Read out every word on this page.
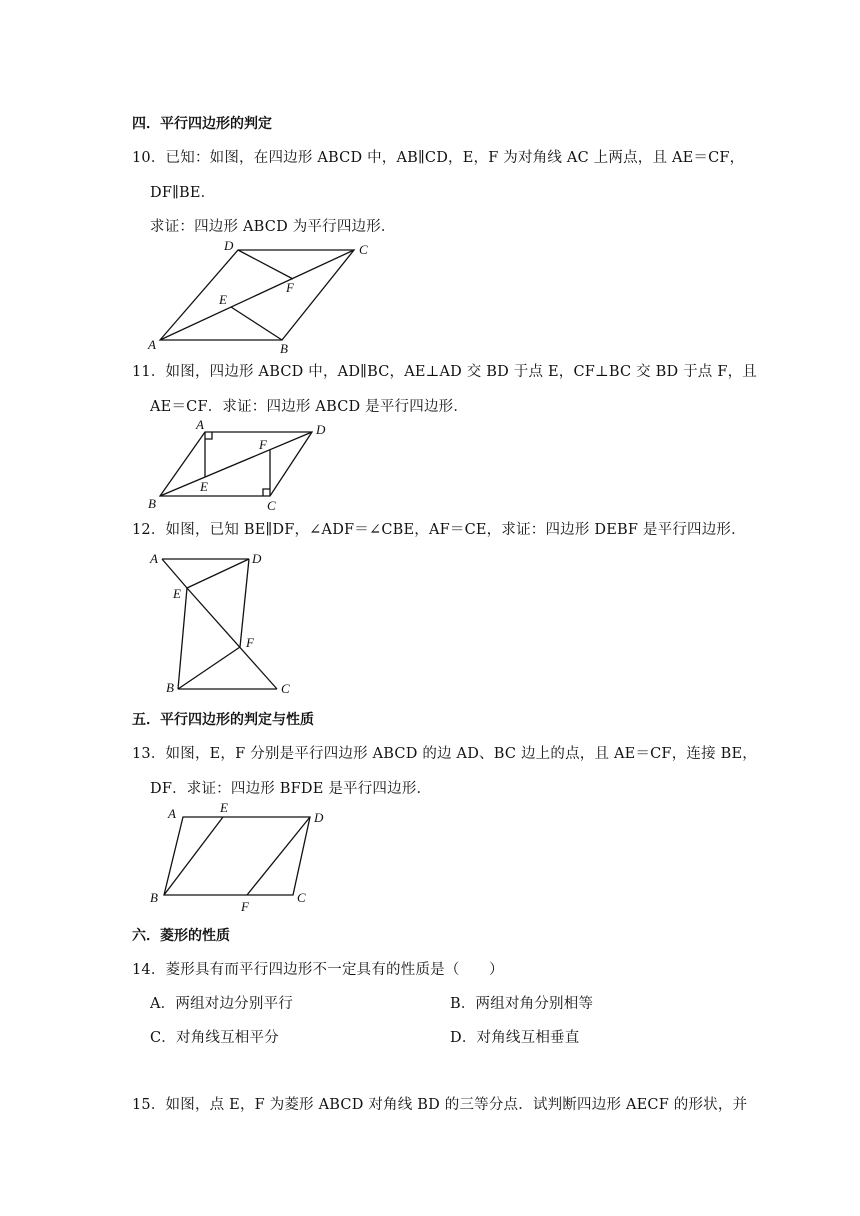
四．平行四边形的判定
10．已知：如图，在四边形 ABCD 中，AB∥CD，E，F 为对角线 AC 上两点，且 AE＝CF，
DF∥BE．
求证：四边形 ABCD 为平行四边形．
A	B
C
D
E
F
11．如图，四边形 ABCD 中，AD∥BC，AE⊥AD 交 BD 于点 E，CF⊥BC 交 BD 于点 F，且
AE＝CF．求证：四边形 ABCD 是平行四边形．
A
B	C
D
E
F
12．如图，已知 BE∥DF，∠ADF＝∠CBE，AF＝CE，求证：四边形 DEBF 是平行四边形．
A
B	C
D
E
F
五．平行四边形的判定与性质
13．如图，E，F 分别是平行四边形 ABCD 的边 AD、BC 边上的点，且 AE＝CF，连接 BE，
DF．求证：四边形 BFDE 是平行四边形．
A
B	C
D
E
F
六．菱形的性质
14．菱形具有而平行四边形不一定具有的性质是（　　）
A．两组对边分别平行	B．两组对角分别相等
C．对角线互相平分	D．对角线互相垂直
15．如图，点 E，F 为菱形 ABCD 对角线 BD 的三等分点．试判断四边形 AECF 的形状，并
